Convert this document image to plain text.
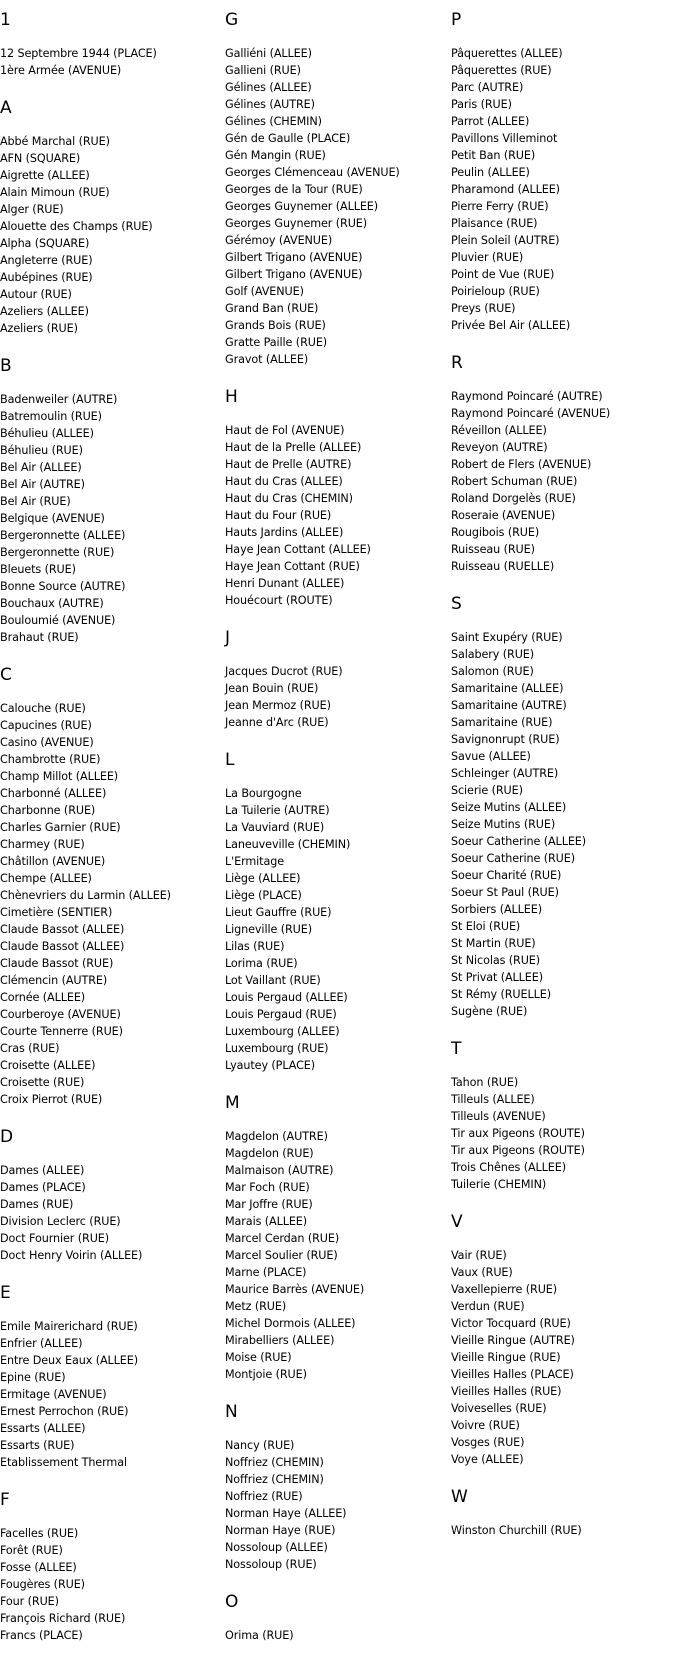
1
12 Septembre 1944 (PLACE)
1ère Armée (AVENUE)
A
Abbé Marchal (RUE)
AFN (SQUARE)
Aigrette (ALLEE)
Alain Mimoun (RUE)
Alger (RUE)
Alouette des Champs (RUE)
Alpha (SQUARE)
Angleterre (RUE)
Aubépines (RUE)
Autour (RUE)
Azeliers (ALLEE)
Azeliers (RUE)
B
Badenweiler (AUTRE)
Batremoulin (RUE)
Béhulieu (ALLEE)
Béhulieu (RUE)
Bel Air (ALLEE)
Bel Air (AUTRE)
Bel Air (RUE)
Belgique (AVENUE)
Bergeronnette (ALLEE)
Bergeronnette (RUE)
Bleuets (RUE)
Bonne Source (AUTRE)
Bouchaux (AUTRE)
Bouloumié (AVENUE)
Brahaut (RUE)
C
Calouche (RUE)
Capucines (RUE)
Casino (AVENUE)
Chambrotte (RUE)
Champ Millot (ALLEE)
Charbonné (ALLEE)
Charbonne (RUE)
Charles Garnier (RUE)
Charmey (RUE)
Châtillon (AVENUE)
Chempe (ALLEE)
Chènevriers du Larmin (ALLEE)
Cimetière (SENTIER)
Claude Bassot (ALLEE)
Claude Bassot (ALLEE)
Claude Bassot (RUE)
Clémencin (AUTRE)
Cornée (ALLEE)
Courberoye (AVENUE)
Courte Tennerre (RUE)
Cras (RUE)
Croisette (ALLEE)
Croisette (RUE)
Croix Pierrot (RUE)
D
Dames (ALLEE)
Dames (PLACE)
Dames (RUE)
Division Leclerc (RUE)
Doct Fournier (RUE)
Doct Henry Voirin (ALLEE)
E
Emile Mairerichard (RUE)
Enfrier (ALLEE)
Entre Deux Eaux (ALLEE)
Epine (RUE)
Ermitage (AVENUE)
Ernest Perrochon (RUE)
Essarts (ALLEE)
Essarts (RUE)
Etablissement Thermal
F
Facelles (RUE)
Forêt (RUE)
Fosse (ALLEE)
Fougères (RUE)
Four (RUE)
François Richard (RUE)
Francs (PLACE)
G
Galliéni (ALLEE)
Gallieni (RUE)
Gélines (ALLEE)
Gélines (AUTRE)
Gélines (CHEMIN)
Gén de Gaulle (PLACE)
Gén Mangin (RUE)
Georges Clémenceau (AVENUE)
Georges de la Tour (RUE)
Georges Guynemer (ALLEE)
Georges Guynemer (RUE)
Gérémoy (AVENUE)
Gilbert Trigano (AVENUE)
Gilbert Trigano (AVENUE)
Golf (AVENUE)
Grand Ban (RUE)
Grands Bois (RUE)
Gratte Paille (RUE)
Gravot (ALLEE)
H
Haut de Fol (AVENUE)
Haut de la Prelle (ALLEE)
Haut de Prelle (AUTRE)
Haut du Cras (ALLEE)
Haut du Cras (CHEMIN)
Haut du Four (RUE)
Hauts Jardins (ALLEE)
Haye Jean Cottant (ALLEE)
Haye Jean Cottant (RUE)
Henri Dunant (ALLEE)
Houécourt (ROUTE)
J
Jacques Ducrot (RUE)
Jean Bouin (RUE)
Jean Mermoz (RUE)
Jeanne d'Arc (RUE)
L
La Bourgogne
La Tuilerie (AUTRE)
La Vauviard (RUE)
Laneuveville (CHEMIN)
L'Ermitage
Liège (ALLEE)
Liège (PLACE)
Lieut Gauffre (RUE)
Ligneville (RUE)
Lilas (RUE)
Lorima (RUE)
Lot Vaillant (RUE)
Louis Pergaud (ALLEE)
Louis Pergaud (RUE)
Luxembourg (ALLEE)
Luxembourg (RUE)
Lyautey (PLACE)
M
Magdelon (AUTRE)
Magdelon (RUE)
Malmaison (AUTRE)
Mar Foch (RUE)
Mar Joffre (RUE)
Marais (ALLEE)
Marcel Cerdan (RUE)
Marcel Soulier (RUE)
Marne (PLACE)
Maurice Barrès (AVENUE)
Metz (RUE)
Michel Dormois (ALLEE)
Mirabelliers (ALLEE)
Moise (RUE)
Montjoie (RUE)
N
Nancy (RUE)
Noffriez (CHEMIN)
Noffriez (CHEMIN)
Noffriez (RUE)
Norman Haye (ALLEE)
Norman Haye (RUE)
Nossoloup (ALLEE)
Nossoloup (RUE)
O
Orima (RUE)
P
Pâquerettes (ALLEE)
Pâquerettes (RUE)
Parc (AUTRE)
Paris (RUE)
Parrot (ALLEE)
Pavillons Villeminot
Petit Ban (RUE)
Peulin (ALLEE)
Pharamond (ALLEE)
Pierre Ferry (RUE)
Plaisance (RUE)
Plein Soleil (AUTRE)
Pluvier (RUE)
Point de Vue (RUE)
Poirieloup (RUE)
Preys (RUE)
Privée Bel Air (ALLEE)
R
Raymond Poincaré (AUTRE)
Raymond Poincaré (AVENUE)
Réveillon (ALLEE)
Reveyon (AUTRE)
Robert de Flers (AVENUE)
Robert Schuman (RUE)
Roland Dorgelès (RUE)
Roseraie (AVENUE)
Rougibois (RUE)
Ruisseau (RUE)
Ruisseau (RUELLE)
S
Saint Exupéry (RUE)
Salabery (RUE)
Salomon (RUE)
Samaritaine (ALLEE)
Samaritaine (AUTRE)
Samaritaine (RUE)
Savignonrupt (RUE)
Savue (ALLEE)
Schleinger (AUTRE)
Scierie (RUE)
Seize Mutins (ALLEE)
Seize Mutins (RUE)
Soeur Catherine (ALLEE)
Soeur Catherine (RUE)
Soeur Charité (RUE)
Soeur St Paul (RUE)
Sorbiers (ALLEE)
St Eloi (RUE)
St Martin (RUE)
St Nicolas (RUE)
St Privat (ALLEE)
St Rémy (RUELLE)
Sugène (RUE)
T
Tahon (RUE)
Tilleuls (ALLEE)
Tilleuls (AVENUE)
Tir aux Pigeons (ROUTE)
Tir aux Pigeons (ROUTE)
Trois Chênes (ALLEE)
Tuilerie (CHEMIN)
V
Vair (RUE)
Vaux (RUE)
Vaxellepierre (RUE)
Verdun (RUE)
Victor Tocquard (RUE)
Vieille Ringue (AUTRE)
Vieille Ringue (RUE)
Vieilles Halles (PLACE)
Vieilles Halles (RUE)
Voiveselles (RUE)
Voivre (RUE)
Vosges (RUE)
Voye (ALLEE)
W
Winston Churchill (RUE)
